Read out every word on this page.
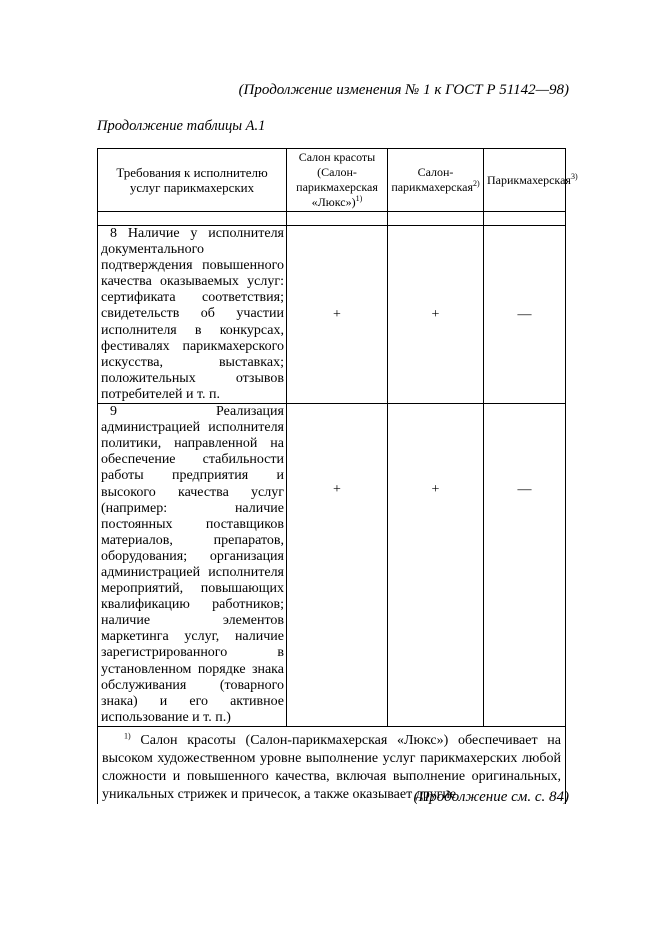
(Продолжение изменения № 1 к ГОСТ Р 51142—98)
Продолжение таблицы А.1
Требования к исполнителю услуг парикмахерских	Салон красоты (Салон-парикмахерская «Люкс»)$^{1)}$	Салон-парикмахерская$^{2)}$	Парикмахерская$^{3)}$

8 Наличие у исполнителя документального подтверждения повышенного качества оказываемых услуг: сертификата соответствия; свидетельств об участии исполнителя в конкурсах, фестивалях парикмахерского искусства, выставках; положительных отзывов потребителей и т. п.	+	+	—

9 Реализация администрацией исполнителя политики, направленной на обеспечение стабильности работы предприятия и высокого качества услуг (например: наличие постоянных поставщиков материалов, препаратов, оборудования; организация администрацией исполнителя мероприятий, повышающих квалификацию работников; наличие элементов маркетинга услуг, наличие зарегистрированного в установленном порядке знака обслуживания (товарного знака) и его активное использование и т. п.)	+	+	—

$^{1)}$ Салон красоты (Салон-парикмахерская «Люкс») обеспечивает на высоком художественном уровне выполнение услуг парикмахерских любой сложности и повышенного качества, включая выполнение оригинальных, уникальных стрижек и причесок, а также оказывает другие			
(Продолжение см. с. 84)
